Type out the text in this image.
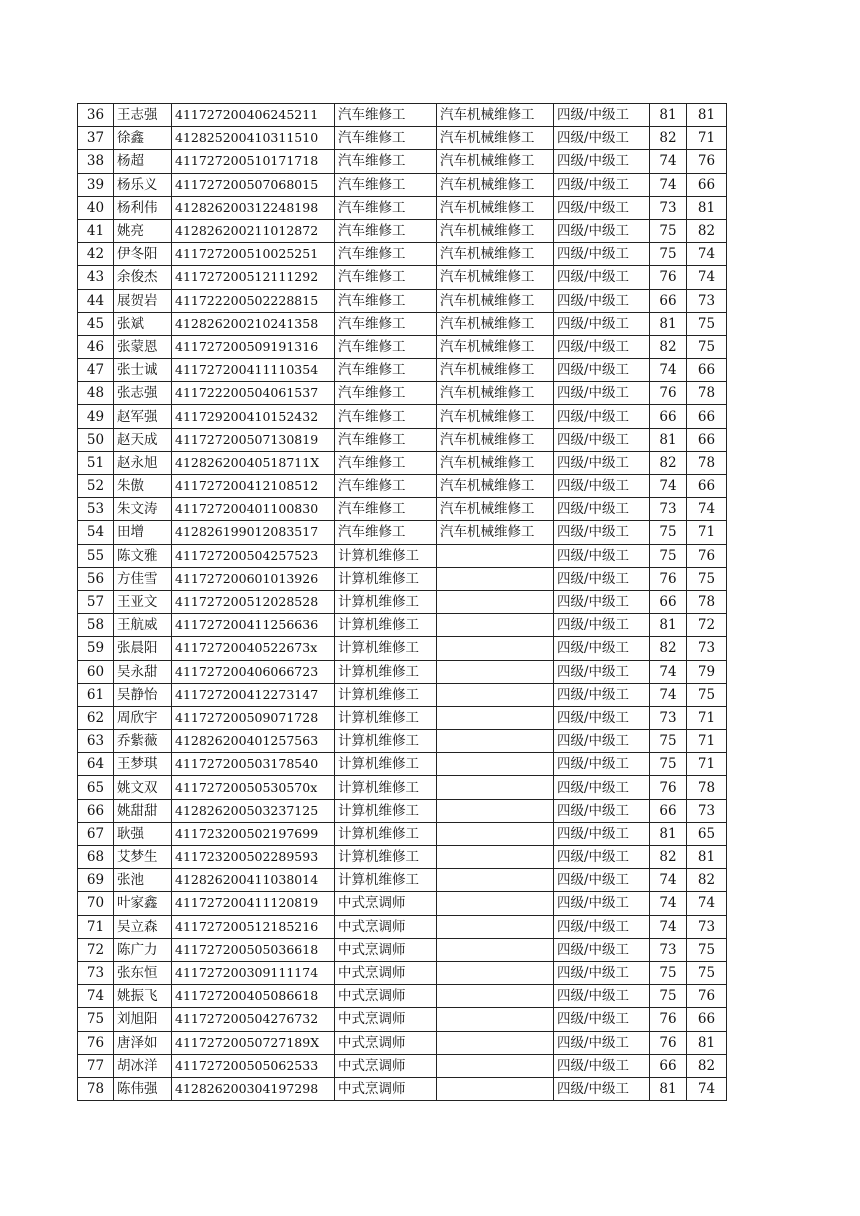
36	王志强	411727200406245211	汽车维修工	汽车机械维修工	四级/中级工	81	81
37	徐鑫	412825200410311510	汽车维修工	汽车机械维修工	四级/中级工	82	71
38	杨超	411727200510171718	汽车维修工	汽车机械维修工	四级/中级工	74	76
39	杨乐义	411727200507068015	汽车维修工	汽车机械维修工	四级/中级工	74	66
40	杨利伟	412826200312248198	汽车维修工	汽车机械维修工	四级/中级工	73	81
41	姚亮	412826200211012872	汽车维修工	汽车机械维修工	四级/中级工	75	82
42	伊冬阳	411727200510025251	汽车维修工	汽车机械维修工	四级/中级工	75	74
43	余俊杰	411727200512111292	汽车维修工	汽车机械维修工	四级/中级工	76	74
44	展贺岩	411722200502228815	汽车维修工	汽车机械维修工	四级/中级工	66	73
45	张斌	412826200210241358	汽车维修工	汽车机械维修工	四级/中级工	81	75
46	张蒙恩	411727200509191316	汽车维修工	汽车机械维修工	四级/中级工	82	75
47	张士诚	411727200411110354	汽车维修工	汽车机械维修工	四级/中级工	74	66
48	张志强	411722200504061537	汽车维修工	汽车机械维修工	四级/中级工	76	78
49	赵军强	411729200410152432	汽车维修工	汽车机械维修工	四级/中级工	66	66
50	赵天成	411727200507130819	汽车维修工	汽车机械维修工	四级/中级工	81	66
51	赵永旭	41282620040518711X	汽车维修工	汽车机械维修工	四级/中级工	82	78
52	朱傲	411727200412108512	汽车维修工	汽车机械维修工	四级/中级工	74	66
53	朱文涛	411727200401100830	汽车维修工	汽车机械维修工	四级/中级工	73	74
54	田增	412826199012083517	汽车维修工	汽车机械维修工	四级/中级工	75	71
55	陈文雅	411727200504257523	计算机维修工		四级/中级工	75	76
56	方佳雪	411727200601013926	计算机维修工		四级/中级工	76	75
57	王亚文	411727200512028528	计算机维修工		四级/中级工	66	78
58	王航威	411727200411256636	计算机维修工		四级/中级工	81	72
59	张晨阳	41172720040522673x	计算机维修工		四级/中级工	82	73
60	吴永甜	411727200406066723	计算机维修工		四级/中级工	74	79
61	吴静怡	411727200412273147	计算机维修工		四级/中级工	74	75
62	周欣宇	411727200509071728	计算机维修工		四级/中级工	73	71
63	乔紫薇	412826200401257563	计算机维修工		四级/中级工	75	71
64	王梦琪	411727200503178540	计算机维修工		四级/中级工	75	71
65	姚文双	41172720050530570x	计算机维修工		四级/中级工	76	78
66	姚甜甜	412826200503237125	计算机维修工		四级/中级工	66	73
67	耿强	411723200502197699	计算机维修工		四级/中级工	81	65
68	艾梦生	411723200502289593	计算机维修工		四级/中级工	82	81
69	张池	412826200411038014	计算机维修工		四级/中级工	74	82
70	叶家鑫	411727200411120819	中式烹调师		四级/中级工	74	74
71	吴立森	411727200512185216	中式烹调师		四级/中级工	74	73
72	陈广力	411727200505036618	中式烹调师		四级/中级工	73	75
73	张东恒	411727200309111174	中式烹调师		四级/中级工	75	75
74	姚振飞	411727200405086618	中式烹调师		四级/中级工	75	76
75	刘旭阳	411727200504276732	中式烹调师		四级/中级工	76	66
76	唐泽如	41172720050727189X	中式烹调师		四级/中级工	76	81
77	胡冰洋	411727200505062533	中式烹调师		四级/中级工	66	82
78	陈伟强	412826200304197298	中式烹调师		四级/中级工	81	74
